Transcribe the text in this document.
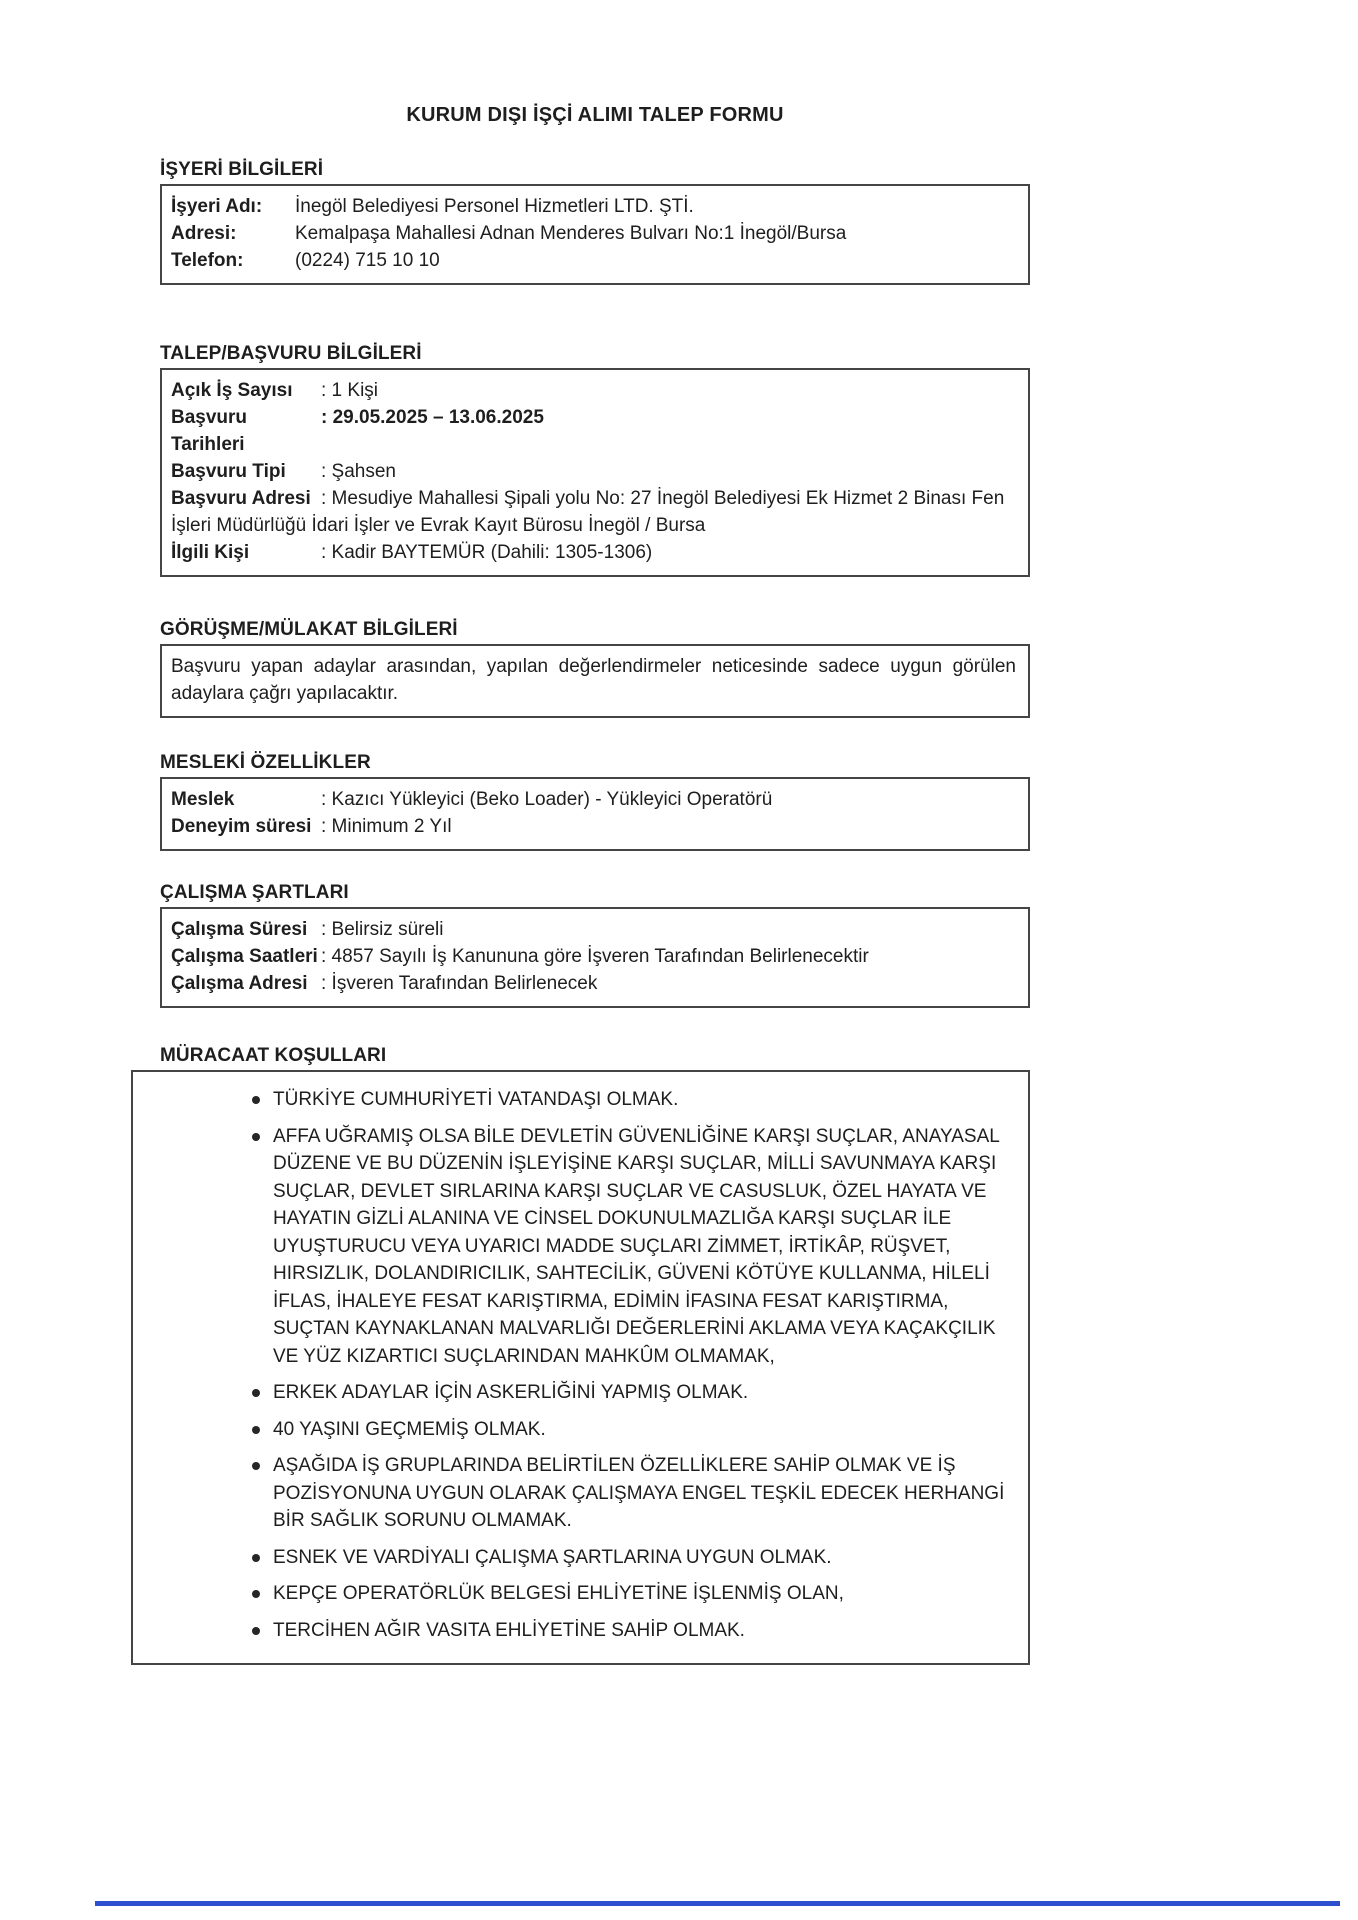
KURUM DIŞI İŞÇİ ALIMI TALEP FORMU
İŞYERİ BİLGİLERİ

İşyeri Adı: İnegöl Belediyesi Personel Hizmetleri LTD. ŞTİ.

Adresi:	Kemalpaşa Mahallesi Adnan Menderes Bulvarı No:1 İnegöl/Bursa

Telefon:	(0224) 715 10 10

TALEP/BAŞVURU BİLGİLERİ

Açık İş Sayısı : 1 Kişi

Başvuru Tarihleri: 29.05.2025 – 13.06.2025

Başvuru Tipi : Şahsen

Başvuru Adresi : Mesudiye Mahallesi Şipali yolu No: 27 İnegöl Belediyesi Ek Hizmet 2 Binası Fen İşleri Müdürlüğü İdari İşler ve Evrak Kayıt Bürosu İnegöl / Bursa

İlgili Kişi	: Kadir BAYTEMÜR (Dahili: 1305-1306)

GÖRÜŞME/MÜLAKAT BİLGİLERİ

Başvuru yapan adaylar arasından, yapılan değerlendirmeler neticesinde sadece uygun görülen adaylara çağrı yapılacaktır.

MESLEKİ ÖZELLİKLER

Meslek	: Kazıcı Yükleyici (Beko Loader) - Yükleyici Operatörü

Deneyim süresi : Minimum 2 Yıl

ÇALIŞMA ŞARTLARI

Çalışma Süresi : Belirsiz süreli

Çalışma Saatleri : 4857 Sayılı İş Kanununa göre İşveren Tarafından Belirlenecektir

Çalışma Adresi : İşveren Tarafından Belirlenecek

MÜRACAAT KOŞULLARI
TÜRKİYE CUMHURİYETİ VATANDAŞI OLMAK.
AFFA UĞRAMIŞ OLSA BİLE DEVLETİN GÜVENLİĞİNE KARŞI SUÇLAR, ANAYASAL DÜZENE VE BU DÜZENİN İŞLEYİŞİNE KARŞI SUÇLAR, MİLLİ SAVUNMAYA KARŞI SUÇLAR, DEVLET SIRLARINA KARŞI SUÇLAR VE CASUSLUK, ÖZEL HAYATA VE HAYATIN GİZLİ ALANINA VE CİNSEL DOKUNULMAZLIĞA KARŞI SUÇLAR İLE UYUŞTURUCU VEYA UYARICI MADDE SUÇLARI ZİMMET, İRTİKÂP, RÜŞVET, HIRSIZLIK, DOLANDIRICILIK, SAHTECİLİK, GÜVENİ KÖTÜYE KULLANMA, HİLELİ İFLAS, İHALEYE FESAT KARIŞTIRMA, EDİMİN İFASINA FESAT KARIŞTIRMA, SUÇTAN KAYNAKLANAN MALVARLIĞI DEĞERLERİNİ AKLAMA VEYA KAÇAKÇILIK VE YÜZ KIZARTICI SUÇLARINDAN MAHKÛM OLMAMAK,
ERKEK ADAYLAR İÇİN ASKERLİĞİNİ YAPMIŞ OLMAK.
40 YAŞINI GEÇMEMİŞ OLMAK.
AŞAĞIDA İŞ GRUPLARINDA BELİRTİLEN ÖZELLİKLERE SAHİP OLMAK VE İŞ POZİSYONUNA UYGUN OLARAK ÇALIŞMAYA ENGEL TEŞKİL EDECEK HERHANGİ BİR SAĞLIK SORUNU OLMAMAK.
ESNEK VE VARDİYALI ÇALIŞMA ŞARTLARINA UYGUN OLMAK.
KEPÇE OPERATÖRLÜK BELGESİ EHLİYETİNE İŞLENMİŞ OLAN,
TERCİHEN AĞIR VASITA EHLİYETİNE SAHİP OLMAK.
